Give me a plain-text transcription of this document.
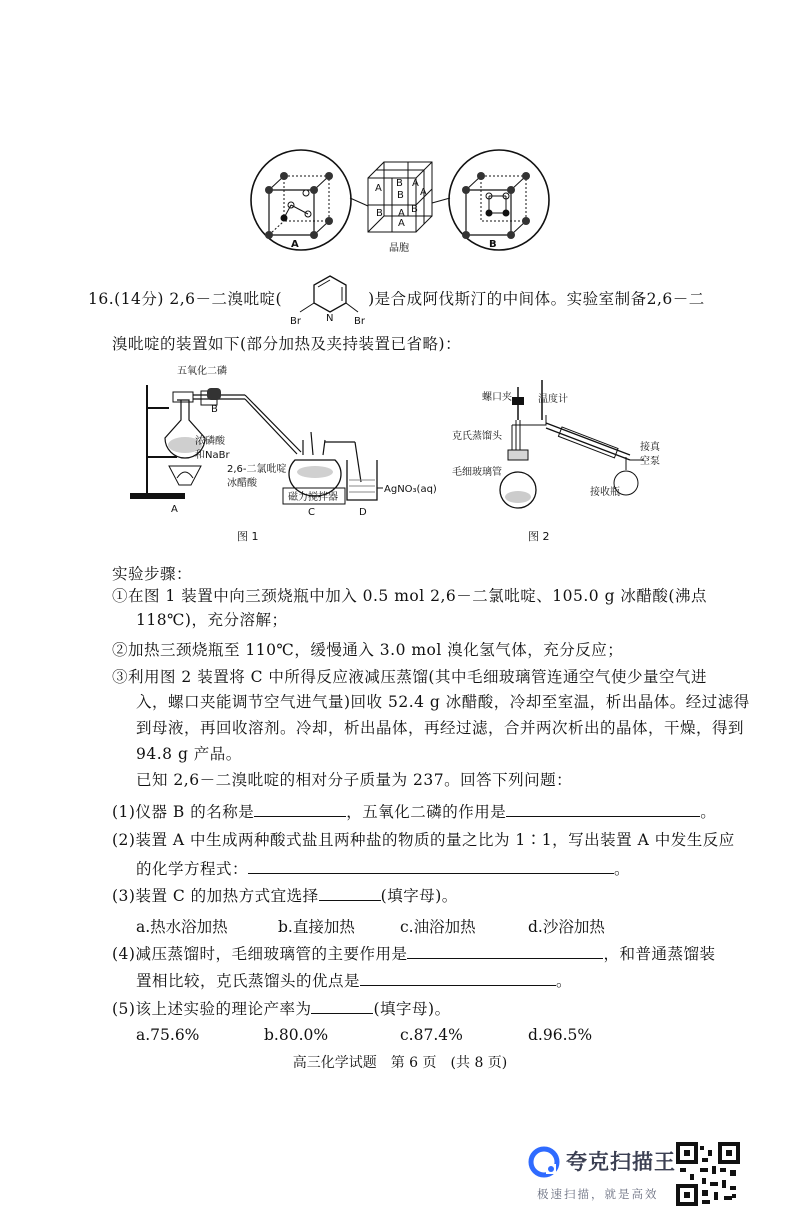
A
A B A
B
B A
A B
A
晶胞	B
16.(14分) 2,6－二溴吡啶(	)是合成阿伐斯汀的中间体。实验室制备2,6－二
Br	N Br
溴吡啶的装置如下(部分加热及夹持装置已省略)：
磁力搅拌器
五氧化二磷
B
浓磷酸
和NaBr
2,6-二氯吡啶
冰醋酸
AgNO₃(aq)
A	C	D
图 1
螺口夹	温度计
克氏蒸馏头
毛细玻璃管
接真
空泵
接收瓶
图 2
实验步骤：
①在图 1 装置中向三颈烧瓶中加入 0.5 mol 2,6－二氯吡啶、105.0 g 冰醋酸(沸点
118℃)，充分溶解；
②加热三颈烧瓶至 110℃，缓慢通入 3.0 mol 溴化氢气体，充分反应；
③利用图 2 装置将 C 中所得反应液减压蒸馏(其中毛细玻璃管连通空气使少量空气进
入，螺口夹能调节空气进气量)回收 52.4 g 冰醋酸，冷却至室温，析出晶体。经过滤得
到母液，再回收溶剂。冷却，析出晶体，再经过滤，合并两次析出的晶体，干燥，得到
94.8 g 产品。
已知 2,6－二溴吡啶的相对分子质量为 237。回答下列问题：
(1)仪器 B 的名称是	，五氧化二磷的作用是	。
(2)装置 A 中生成两种酸式盐且两种盐的物质的量之比为 1∶1，写出装置 A 中发生反应
的化学方程式：	。
(3)装置 C 的加热方式宜选择	(填字母)。
a.热水浴加热	b.直接加热	c.油浴加热	d.沙浴加热
(4)减压蒸馏时，毛细玻璃管的主要作用是	，和普通蒸馏装
置相比较，克氏蒸馏头的优点是	。
(5)该上述实验的理论产率为	(填字母)。
a.75.6%	b.80.0%	c.87.4%	d.96.5%
高三化学试题　第 6 页　(共 8 页)
夸克扫描王
极速扫描，就是高效
